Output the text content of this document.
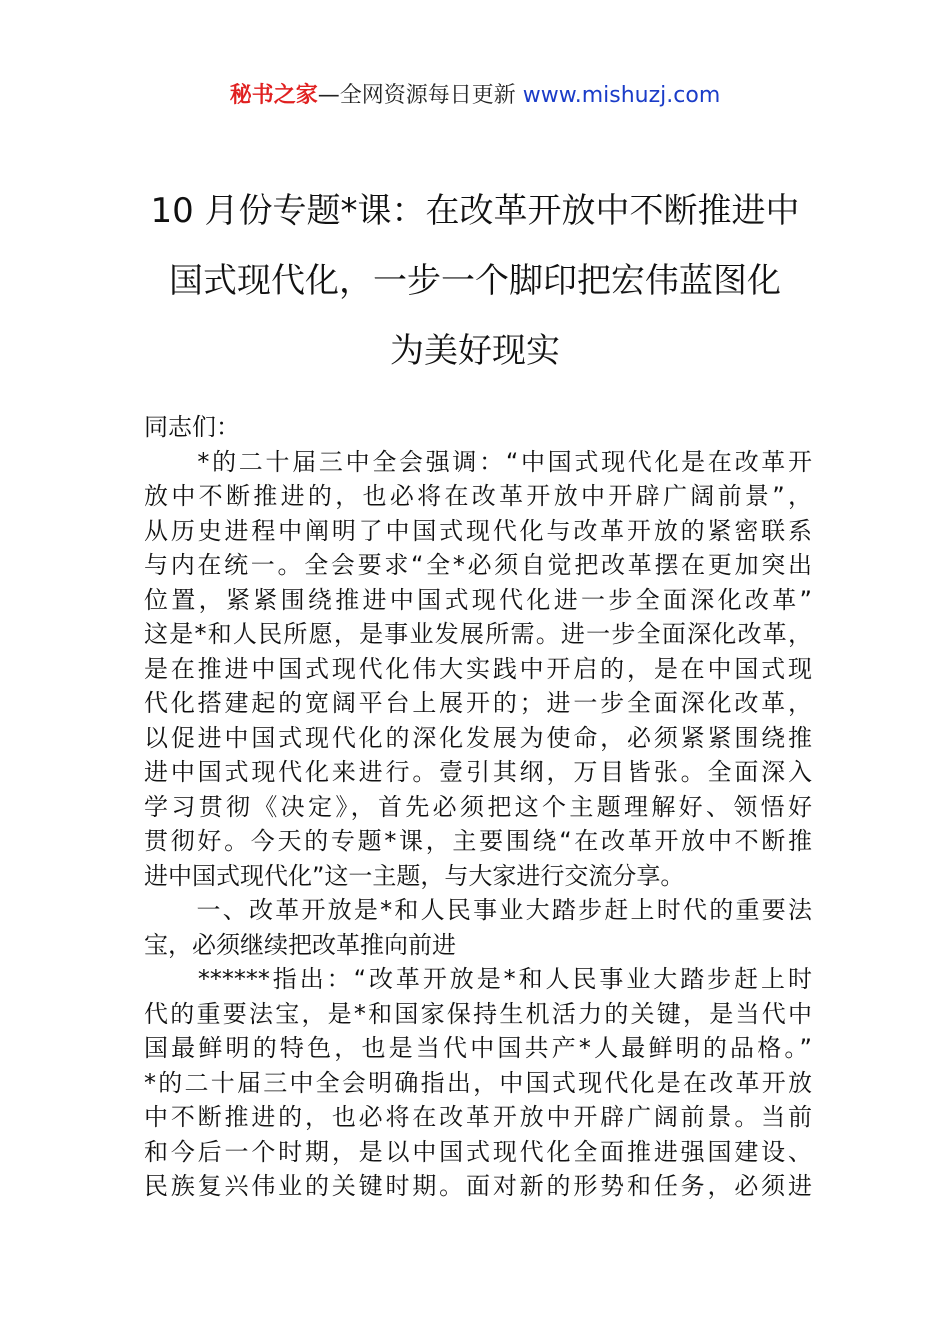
秘书之家—全网资源每日更新 www.mishuzj.com
10 月份专题*课：在改革开放中不断推进中
国式现代化，一步一个脚印把宏伟蓝图化
为美好现实
同志们：
　　*的二十届三中全会强调：“中国式现代化是在改革开
放中不断推进的，也必将在改革开放中开辟广阔前景”，
从历史进程中阐明了中国式现代化与改革开放的紧密联系
与内在统一。全会要求“全*必须自觉把改革摆在更加突出
位置，紧紧围绕推进中国式现代化进一步全面深化改革”
这是*和人民所愿，是事业发展所需。进一步全面深化改革，
是在推进中国式现代化伟大实践中开启的，是在中国式现
代化搭建起的宽阔平台上展开的；进一步全面深化改革，
以促进中国式现代化的深化发展为使命，必须紧紧围绕推
进中国式现代化来进行。壹引其纲，万目皆张。全面深入
学习贯彻《决定》，首先必须把这个主题理解好、领悟好
贯彻好。今天的专题*课，主要围绕“在改革开放中不断推
进中国式现代化”这一主题，与大家进行交流分享。
　　一、改革开放是*和人民事业大踏步赶上时代的重要法
宝，必须继续把改革推向前进
　　******指出：“改革开放是*和人民事业大踏步赶上时
代的重要法宝，是*和国家保持生机活力的关键，是当代中
国最鲜明的特色，也是当代中国共产*人最鲜明的品格。”
*的二十届三中全会明确指出，中国式现代化是在改革开放
中不断推进的，也必将在改革开放中开辟广阔前景。当前
和今后一个时期，是以中国式现代化全面推进强国建设、
民族复兴伟业的关键时期。面对新的形势和任务，必须进
